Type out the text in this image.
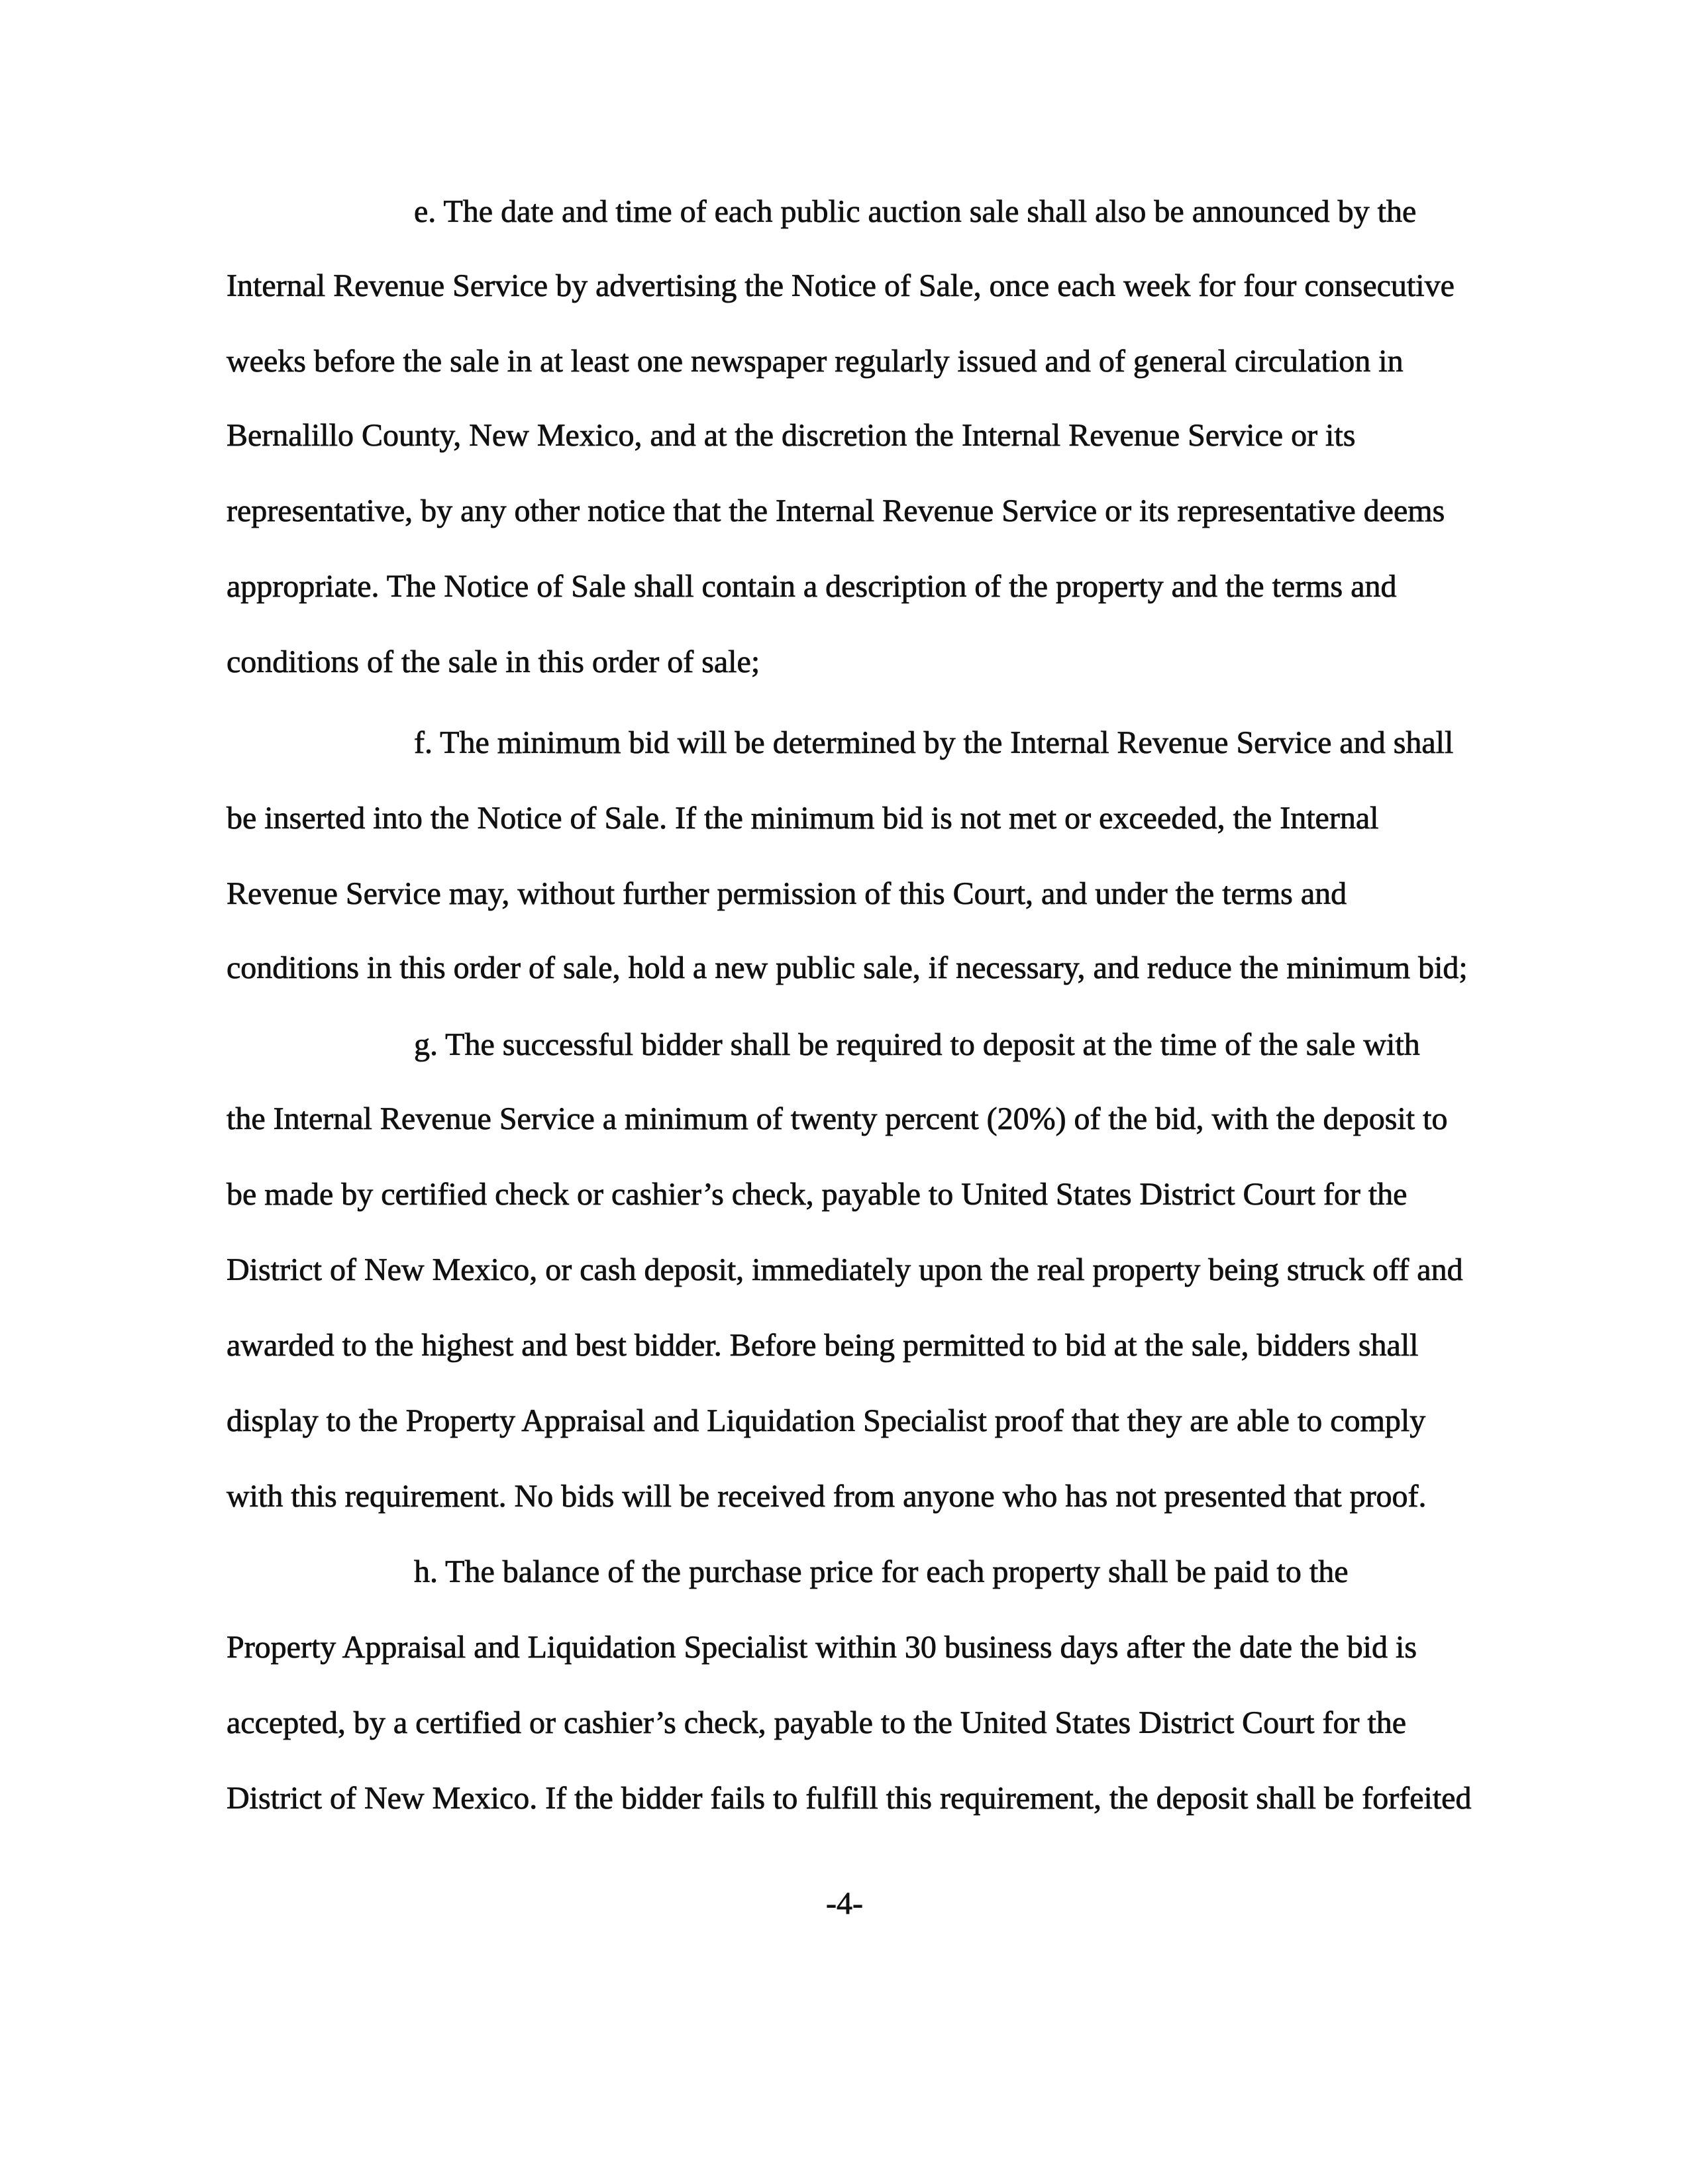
e. The date and time of each public auction sale shall also be announced by the
Internal Revenue Service by advertising the Notice of Sale, once each week for four consecutive
weeks before the sale in at least one newspaper regularly issued and of general circulation in
Bernalillo County, New Mexico, and at the discretion the Internal Revenue Service or its
representative, by any other notice that the Internal Revenue Service or its representative deems
appropriate. The Notice of Sale shall contain a description of the property and the terms and
conditions of the sale in this order of sale;
f. The minimum bid will be determined by the Internal Revenue Service and shall
be inserted into the Notice of Sale. If the minimum bid is not met or exceeded, the Internal
Revenue Service may, without further permission of this Court, and under the terms and
conditions in this order of sale, hold a new public sale, if necessary, and reduce the minimum bid;
g. The successful bidder shall be required to deposit at the time of the sale with
the Internal Revenue Service a minimum of twenty percent (20%) of the bid, with the deposit to
be made by certified check or cashier’s check, payable to United States District Court for the
District of New Mexico, or cash deposit, immediately upon the real property being struck off and
awarded to the highest and best bidder. Before being permitted to bid at the sale, bidders shall
display to the Property Appraisal and Liquidation Specialist proof that they are able to comply
with this requirement. No bids will be received from anyone who has not presented that proof.
h. The balance of the purchase price for each property shall be paid to the
Property Appraisal and Liquidation Specialist within 30 business days after the date the bid is
accepted, by a certified or cashier’s check, payable to the United States District Court for the
District of New Mexico. If the bidder fails to fulfill this requirement, the deposit shall be forfeited
-4-
